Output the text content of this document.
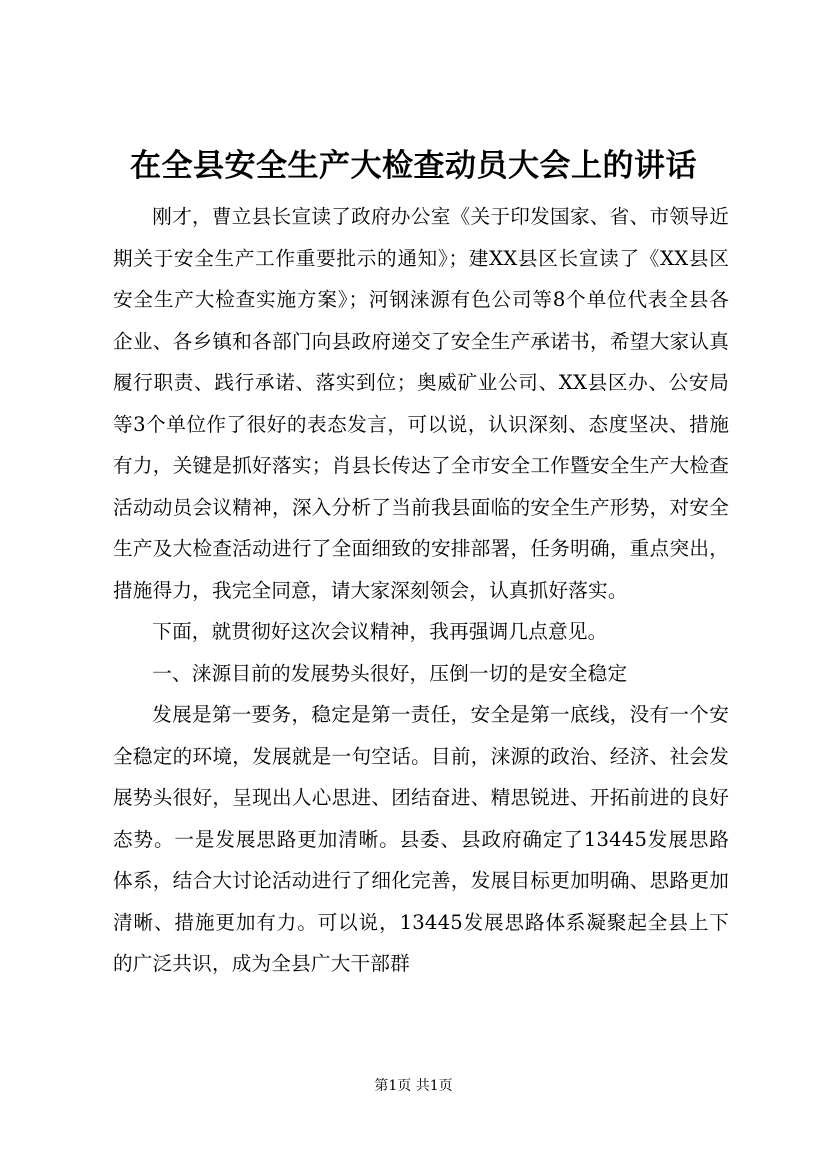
在全县安全生产大检查动员大会上的讲话

刚才，曹立县长宣读了政府办公室《关于印发国家、省、市领导近期关于安全生产工作重要批示的通知》；建XX县区长宣读了《XX县区安全生产大检查实施方案》；河钢涞源有色公司等8个单位代表全县各企业、各乡镇和各部门向县政府递交了安全生产承诺书，希望大家认真履行职责、践行承诺、落实到位；奥威矿业公司、XX县区办、公安局等3个单位作了很好的表态发言，可以说，认识深刻、态度坚决、措施有力，关键是抓好落实；肖县长传达了全市安全工作暨安全生产大检查活动动员会议精神，深入分析了当前我县面临的安全生产形势，对安全生产及大检查活动进行了全面细致的安排部署，任务明确，重点突出，措施得力，我完全同意，请大家深刻领会，认真抓好落实。

下面，就贯彻好这次会议精神，我再强调几点意见。

一、涞源目前的发展势头很好，压倒一切的是安全稳定

发展是第一要务，稳定是第一责任，安全是第一底线，没有一个安全稳定的环境，发展就是一句空话。目前，涞源的政治、经济、社会发展势头很好，呈现出人心思进、团结奋进、精思锐进、开拓前进的良好态势。一是发展思路更加清晰。县委、县政府确定了13445发展思路体系，结合大讨论活动进行了细化完善，发展目标更加明确、思路更加清晰、措施更加有力。可以说，13445发展思路体系凝聚起全县上下的广泛共识，成为全县广大干部群

第1页 共1页
